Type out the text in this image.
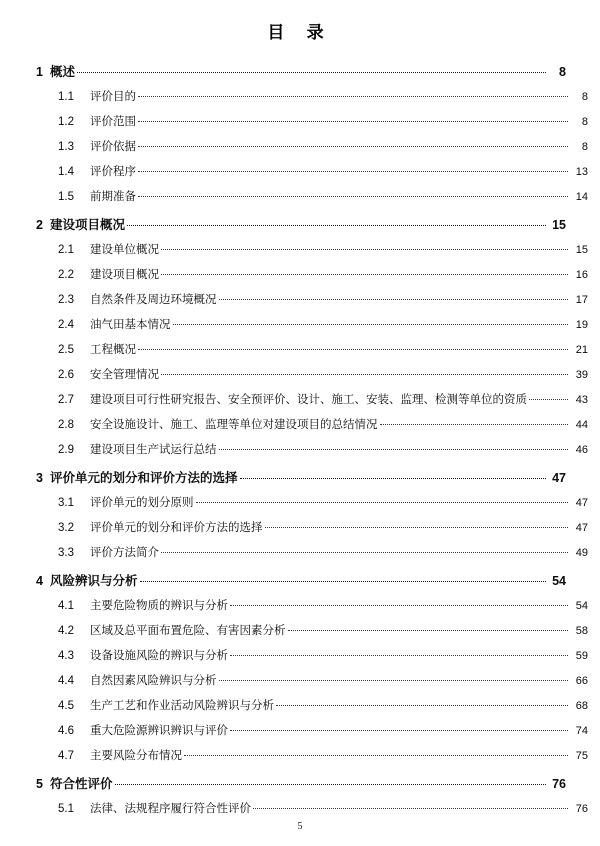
目 录
1 概述	8
1.1	评价目的	8
1.2	评价范围	8
1.3	评价依据	8
1.4	评价程序	13
1.5	前期准备	14
2 建设项目概况	15
2.1	建设单位概况	15
2.2	建设项目概况	16
2.3	自然条件及周边环境概况	17
2.4	油气田基本情况	19
2.5	工程概况	21
2.6	安全管理情况	39
2.7	建设项目可行性研究报告、安全预评价、设计、施工、安装、监理、检测等单位的资质	43
2.8	安全设施设计、施工、监理等单位对建设项目的总结情况	44
2.9	建设项目生产试运行总结	46
3 评价单元的划分和评价方法的选择	47
3.1	评价单元的划分原则	47
3.2	评价单元的划分和评价方法的选择	47
3.3	评价方法简介	49
4 风险辨识与分析	54
4.1	主要危险物质的辨识与分析	54
4.2	区域及总平面布置危险、有害因素分析	58
4.3	设备设施风险的辨识与分析	59
4.4	自然因素风险辨识与分析	66
4.5	生产工艺和作业活动风险辨识与分析	68
4.6	重大危险源辨识辨识与评价	74
4.7	主要风险分布情况	75
5 符合性评价	76
5.1	法律、法规程序履行符合性评价	76
5
